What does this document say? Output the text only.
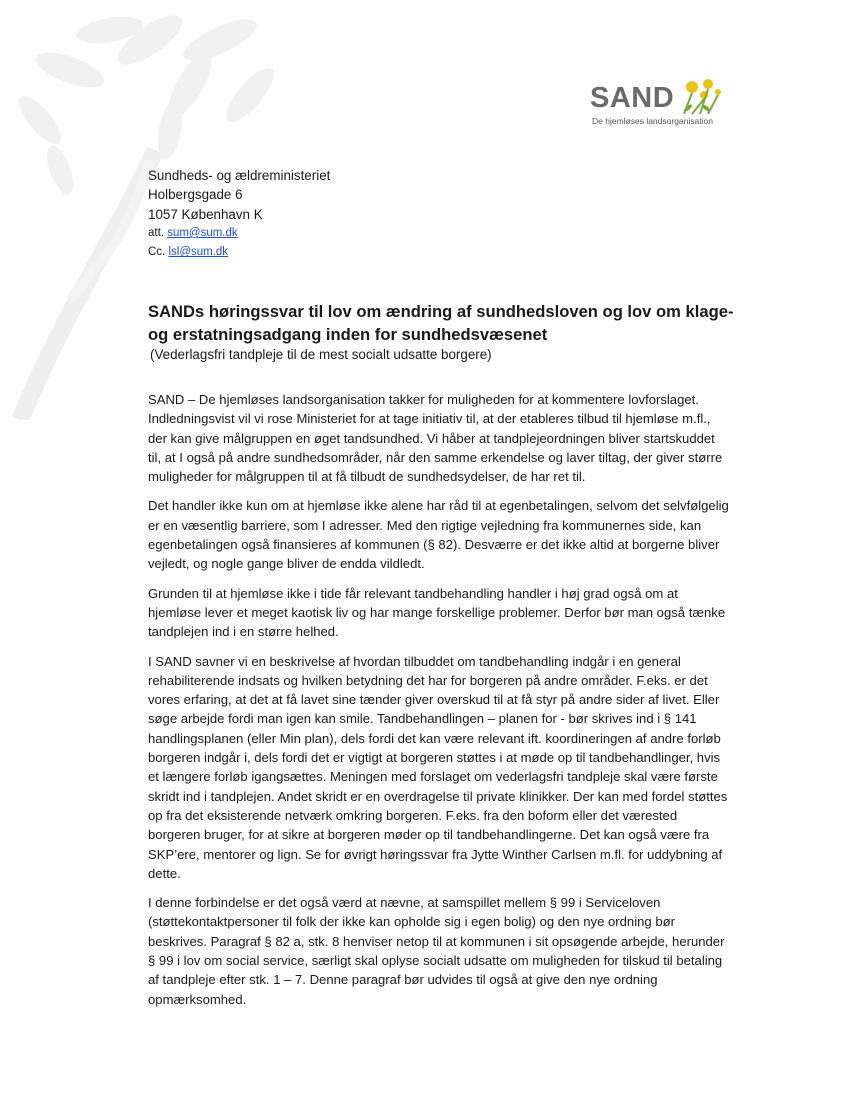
SAND
De hjemløses landsorganisation
Sundheds- og ældreministeriet
Holbergsgade 6
1057 København K
att. sum@sum.dk
Cc. lsl@sum.dk
SANDs høringssvar til lov om ændring af sundhedsloven og lov om klage- og erstatningsadgang inden for sundhedsvæsenet
(Vederlagsfri tandpleje til de mest socialt udsatte borgere)

SAND – De hjemløses landsorganisation takker for muligheden for at kommentere lovforslaget. Indledningsvist vil vi rose Ministeriet for at tage initiativ til, at der etableres tilbud til hjemløse m.fl., der kan give målgruppen en øget tandsundhed. Vi håber at tandplejeordningen bliver startskuddet til, at I også på andre sundhedsområder, når den samme erkendelse og laver tiltag, der giver større muligheder for målgruppen til at få tilbudt de sundhedsydelser, de har ret til.

Det handler ikke kun om at hjemløse ikke alene har råd til at egenbetalingen, selvom det selvfølgelig er en væsentlig barriere, som I adresser. Med den rigtige vejledning fra kommunernes side, kan egenbetalingen også finansieres af kommunen (§ 82). Desværre er det ikke altid at borgerne bliver vejledt, og nogle gange bliver de endda vildledt.

Grunden til at hjemløse ikke i tide får relevant tandbehandling handler i høj grad også om at hjemløse lever et meget kaotisk liv og har mange forskellige problemer. Derfor bør man også tænke tandplejen ind i en større helhed.

I SAND savner vi en beskrivelse af hvordan tilbuddet om tandbehandling indgår i en general rehabiliterende indsats og hvilken betydning det har for borgeren på andre områder. F.eks. er det vores erfaring, at det at få lavet sine tænder giver overskud til at få styr på andre sider af livet. Eller søge arbejde fordi man igen kan smile. Tandbehandlingen – planen for - bør skrives ind i § 141 handlingsplanen (eller Min plan), dels fordi det kan være relevant ift. koordineringen af andre forløb borgeren indgår i, dels fordi det er vigtigt at borgeren støttes i at møde op til tandbehandlinger, hvis et længere forløb igangsættes. Meningen med forslaget om vederlagsfri tandpleje skal være første skridt ind i tandplejen. Andet skridt er en overdragelse til private klinikker. Der kan med fordel støttes op fra det eksisterende netværk omkring borgeren. F.eks. fra den boform eller det værested borgeren bruger, for at sikre at borgeren møder op til tandbehandlingerne. Det kan også være fra SKP’ere, mentorer og lign. Se for øvrigt høringssvar fra Jytte Winther Carlsen m.fl. for uddybning af dette.

I denne forbindelse er det også værd at nævne, at samspillet mellem § 99 i Serviceloven (støttekontaktpersoner til folk der ikke kan opholde sig i egen bolig) og den nye ordning bør beskrives. Paragraf § 82 a, stk. 8 henviser netop til at kommunen i sit opsøgende arbejde, herunder § 99 i lov om social service, særligt skal oplyse socialt udsatte om muligheden for tilskud til betaling af tandpleje efter stk. 1 – 7. Denne paragraf bør udvides til også at give den nye ordning opmærksomhed.
